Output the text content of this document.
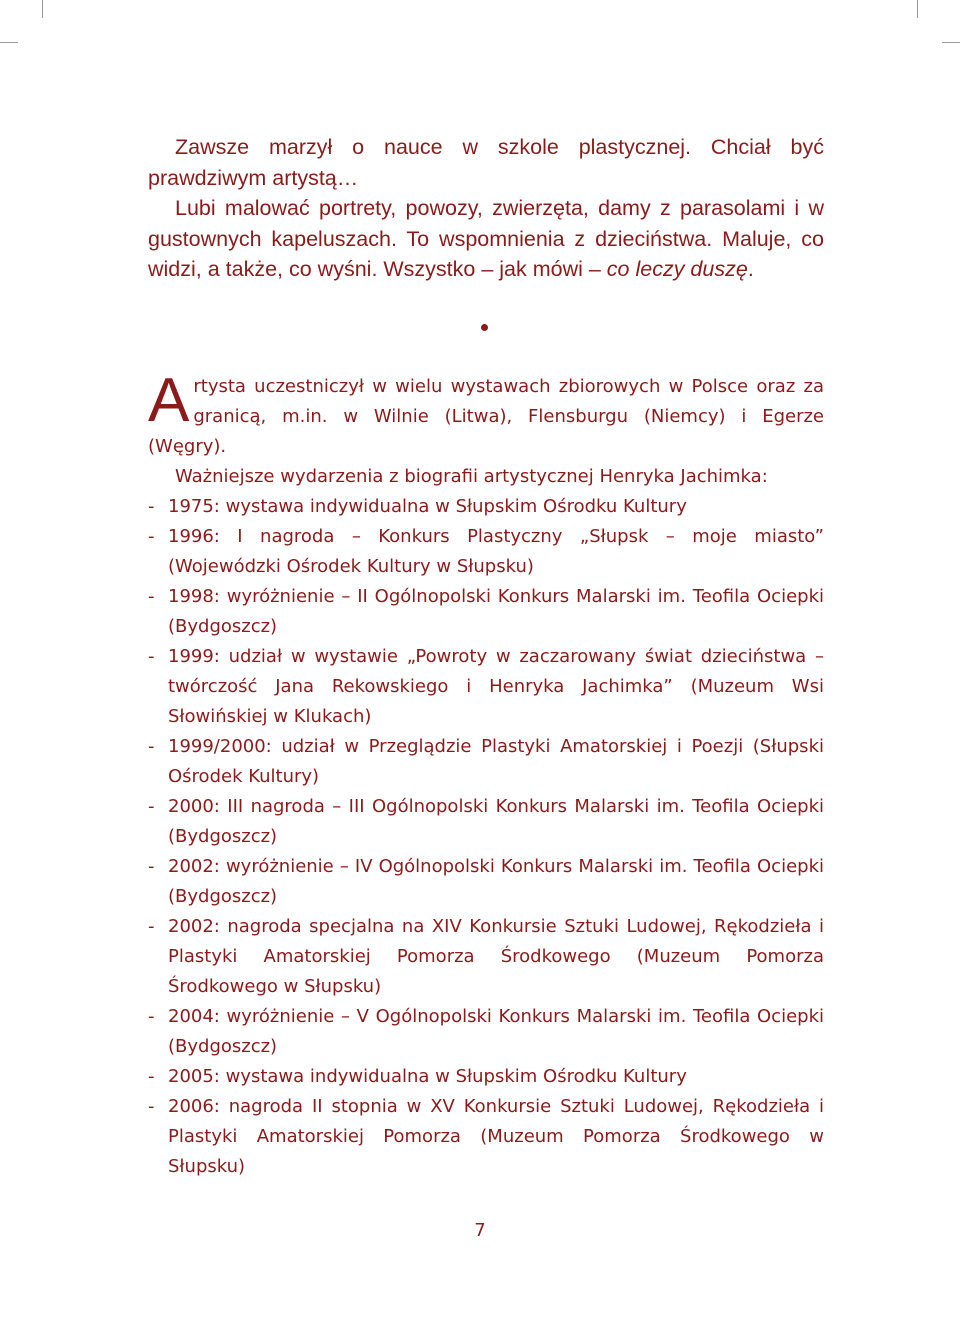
Zawsze marzył o nauce w szkole plastycznej. Chciał być prawdziwym artystą…

Lubi malować portrety, powozy, zwierzęta, damy z parasolami i w gustownych kapeluszach. To wspomnienia z dzieciństwa. Maluje, co widzi, a także, co wyśni. Wszystko – jak mówi – co leczy duszę.

Artysta uczestniczył w wielu wystawach zbiorowych w Polsce oraz za granicą, m.in. w Wilnie (Litwa), Flensburgu (Niemcy) i Egerze (Węgry).

Ważniejsze wydarzenia z biografii artystycznej Henryka Jachimka:

- 1975: wystawa indywidualna w Słupskim Ośrodku Kultury
- 1996: I nagroda – Konkurs Plastyczny „Słupsk – moje miasto” (Wojewódzki Ośrodek Kultury w Słupsku)
- 1998: wyróżnienie – II Ogólnopolski Konkurs Malarski im. Teofila Ociepki (Bydgoszcz)
- 1999: udział w wystawie „Powroty w zaczarowany świat dzieciństwa – twórczość Jana Rekowskiego i Henryka Jachimka” (Muzeum Wsi Słowińskiej w Klukach)
- 1999/2000: udział w Przeglądzie Plastyki Amatorskiej i Poezji (Słupski Ośrodek Kultury)
- 2000: III nagroda – III Ogólnopolski Konkurs Malarski im. Teofila Ociepki (Bydgoszcz)
- 2002: wyróżnienie – IV Ogólnopolski Konkurs Malarski im. Teofila Ociepki (Bydgoszcz)
- 2002: nagroda specjalna na XIV Konkursie Sztuki Ludowej, Rękodzieła i Plastyki Amatorskiej Pomorza Środkowego (Muzeum Pomorza Środkowego w Słupsku)
- 2004: wyróżnienie – V Ogólnopolski Konkurs Malarski im. Teofila Ociepki (Bydgoszcz)
- 2005: wystawa indywidualna w Słupskim Ośrodku Kultury
- 2006: nagroda II stopnia w XV Konkursie Sztuki Ludowej, Rękodzieła i Plastyki Amatorskiej Pomorza (Muzeum Pomorza Środkowego w Słupsku)
7
